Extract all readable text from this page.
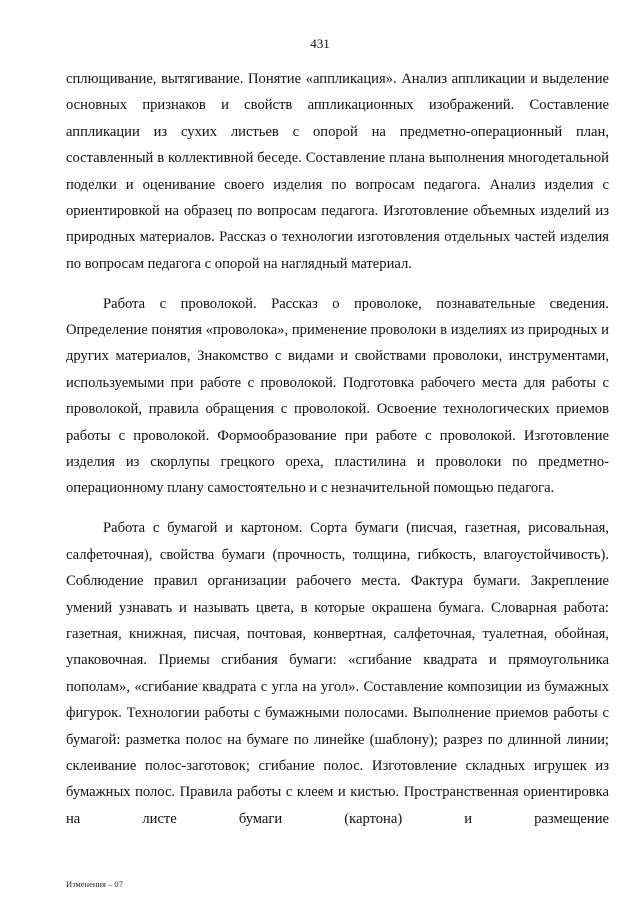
431

сплющивание, вытягивание. Понятие «аппликация». Анализ аппликации и выделение основных признаков и свойств аппликационных изображений. Составление аппликации из сухих листьев с опорой на предметно-операционный план, составленный в коллективной беседе. Составление плана выполнения многодетальной поделки и оценивание своего изделия по вопросам педагога. Анализ изделия с ориентировкой на образец по вопросам педагога. Изготовление объемных изделий из природных материалов. Рассказ о технологии изготовления отдельных частей изделия по вопросам педагога с опорой на наглядный материал.

Работа с проволокой. Рассказ о проволоке, познавательные сведения. Определение понятия «проволока», применение проволоки в изделиях из природных и других материалов, Знакомство с видами и свойствами проволоки, инструментами, используемыми при работе с проволокой. Подготовка рабочего места для работы с проволокой, правила обращения с проволокой. Освоение технологических приемов работы с проволокой. Формообразование при работе с проволокой. Изготовление изделия из скорлупы грецкого ореха, пластилина и проволоки по предметно-операционному плану самостоятельно и с незначительной помощью педагога.

Работа с бумагой и картоном. Сорта бумаги (писчая, газетная, рисовальная, салфеточная), свойства бумаги (прочность, толщина, гибкость, влагоустойчивость). Соблюдение правил организации рабочего места. Фактура бумаги. Закрепление умений узнавать и называть цвета, в которые окрашена бумага. Словарная работа: газетная, книжная, писчая, почтовая, конвертная, салфеточная, туалетная, обойная, упаковочная. Приемы сгибания бумаги: «сгибание квадрата и прямоугольника пополам», «сгибание квадрата с угла на угол». Составление композиции из бумажных фигурок. Технологии работы с бумажными полосами. Выполнение приемов работы с бумагой: разметка полос на бумаге по линейке (шаблону); разрез по длинной линии; склеивание полос-заготовок; сгибание полос. Изготовление складных игрушек из бумажных полос. Правила работы с клеем и кистью. Пространственная ориентировка на листе бумаги (картона) и размещение

Изменения – 07
